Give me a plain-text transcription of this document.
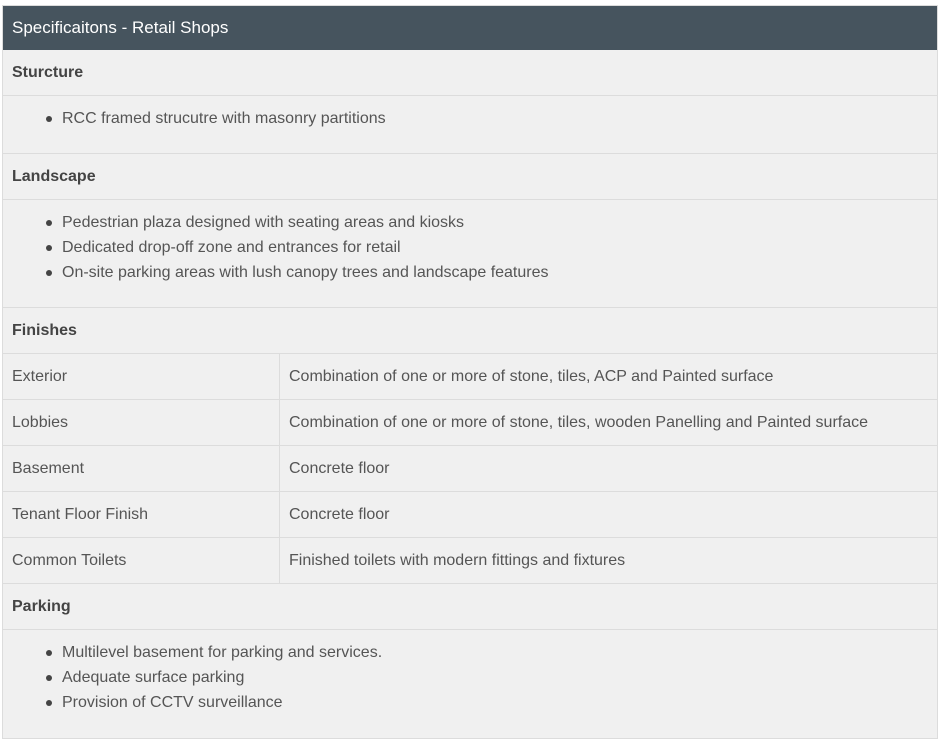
Specificaitons - Retail Shops
Sturcture
RCC framed strucutre with masonry partitions
Landscape
Pedestrian plaza designed with seating areas and kiosks
Dedicated drop-off zone and entrances for retail
On-site parking areas with lush canopy trees and landscape features
Finishes
Exterior	Combination of one or more of stone, tiles, ACP and Painted surface
Lobbies	Combination of one or more of stone, tiles, wooden Panelling and Painted surface
Basement	Concrete floor
Tenant Floor Finish	Concrete floor
Common Toilets	Finished toilets with modern fittings and fixtures
Parking
Multilevel basement for parking and services.
Adequate surface parking
Provision of CCTV surveillance
